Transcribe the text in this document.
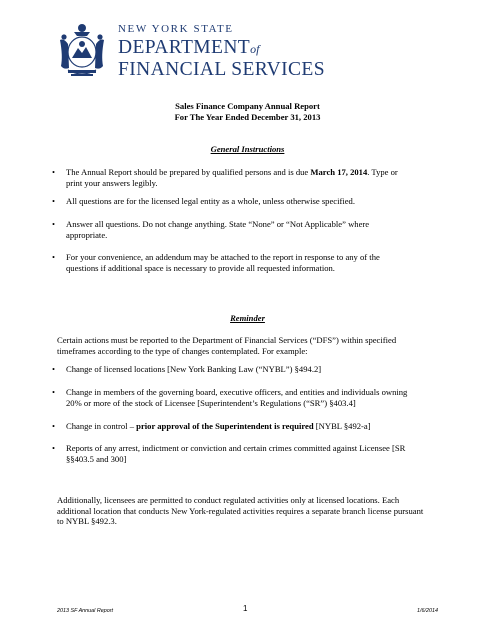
NEW YORK STATE
DEPARTMENTof
FINANCIAL SERVICES
Sales Finance Company Annual Report
For The Year Ended December 31, 2013
General Instructions
• The Annual Report should be prepared by qualified persons and is due March 17, 2014. Type or print your answers legibly.
• All questions are for the licensed legal entity as a whole, unless otherwise specified.
• Answer all questions. Do not change anything. State “None” or “Not Applicable” where appropriate.
• For your convenience, an addendum may be attached to the report in response to any of the questions if additional space is necessary to provide all requested information.
Reminder
Certain actions must be reported to the Department of Financial Services (“DFS”) within specified timeframes according to the type of changes contemplated. For example:
• Change of licensed locations [New York Banking Law (“NYBL”) §494.2]
• Change in members of the governing board, executive officers, and entities and individuals owning 20% or more of the stock of Licensee [Superintendent’s Regulations (“SR”) §403.4]
• Change in control – prior approval of the Superintendent is required [NYBL §492-a]
• Reports of any arrest, indictment or conviction and certain crimes committed against Licensee [SR §§403.5 and 300]
Additionally, licensees are permitted to conduct regulated activities only at licensed locations. Each additional location that conducts New York-regulated activities requires a separate branch license pursuant to NYBL §492.3.
2013 SF Annual Report	1	1/6/2014
